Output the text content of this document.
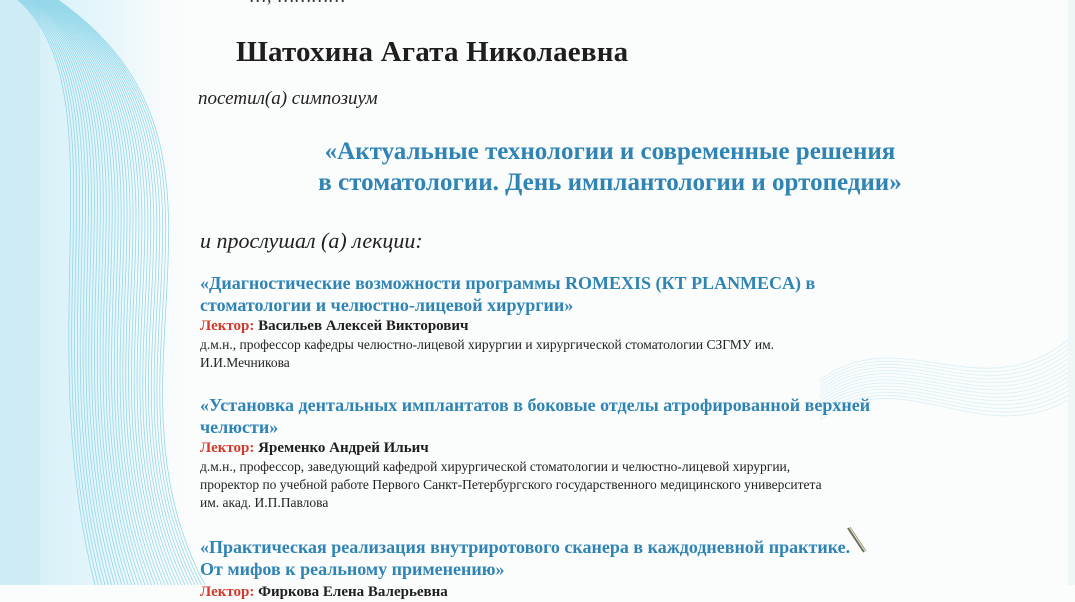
Шатохина Агата Николаевна
посетил(а) симпозиум
«Актуальные технологии и современные решения
в стоматологии. День имплантологии и ортопедии»
и прослушал (а) лекции:
«Диагностические возможности программы ROMEXIS (КТ PLANMECA) в
стоматологии и челюстно-лицевой хирургии»
Лектор: Васильев Алексей Викторович
д.м.н., профессор кафедры челюстно-лицевой хирургии и хирургической стоматологии СЗГМУ им.
И.И.Мечникова
«Установка дентальных имплантатов в боковые отделы атрофированной верхней
челюсти»
Лектор: Яременко Андрей Ильич
д.м.н., профессор, заведующий кафедрой хирургической стоматологии и челюстно-лицевой хирургии,
проректор по учебной работе Первого Санкт-Петербургского государственного медицинского университета
им. акад. И.П.Павлова
«Практическая реализация внутриротового сканера в каждодневной практике.
От мифов к реальному применению»
Лектор: Фиркова Елена Валерьевна
